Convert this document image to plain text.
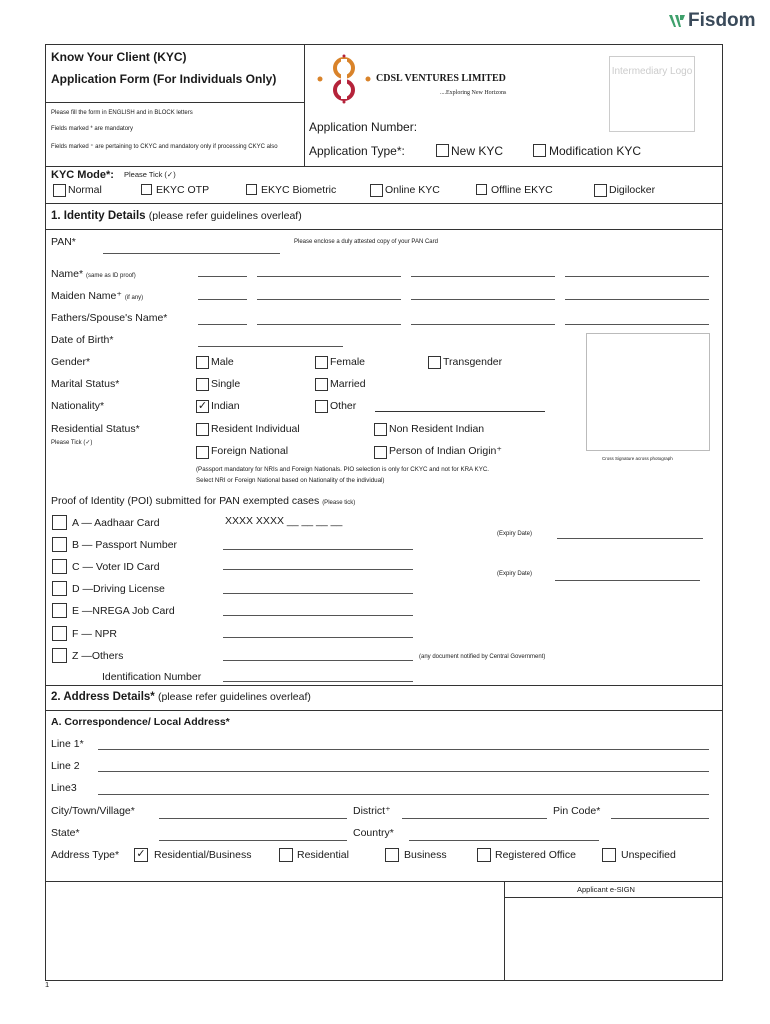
Fisdom
Know Your Client (KYC)
Application Form (For Individuals Only)
Please fill the form in ENGLISH and in BLOCK letters
Fields marked * are mandatory
Fields marked ⁺ are pertaining to CKYC and mandatory only if processing CKYC also
CDSL VENTURES LIMITED
....Exploring New Horizons
Intermediary Logo
Application Number:
Application Type*:	New KYC	Modification KYC
KYC Mode*: Please Tick (✓)
Normal	EKYC OTP	EKYC Biometric	Online KYC	Offline EKYC	Digilocker
1. Identity Details (please refer guidelines overleaf)
PAN*	Please enclose a duly attested copy of your PAN Card
Name* (same as ID proof)
Maiden Name⁺ (if any)
Fathers/Spouse's Name*
Date of Birth*
Cross Signature across photograph
Gender*	Male	Female	Transgender
Marital Status*	Single	Married
Nationality*	✓ Indian	Other
Residential Status*
Please Tick (✓)
Resident Individual	Non Resident Indian
Foreign National	Person of Indian Origin⁺
(Passport mandatory for NRIs and Foreign Nationals. PIO selection is only for CKYC and not for KRA KYC.
Select NRI or Foreign National based on Nationality of the individual)
Proof of Identity (POI) submitted for PAN exempted cases (Please tick)
A — Aadhaar Card	XXXX XXXX __ __ __ __
B — Passport Number
(Expiry Date)
C — Voter ID Card
D —Driving License
(Expiry Date)
E —NREGA Job Card
F — NPR
Z —Others	(any document notified by Central Government)
Identification Number
2. Address Details* (please refer guidelines overleaf)
A. Correspondence/ Local Address*
Line 1*
Line 2
Line3
City/Town/Village*	District⁺	Pin Code*
State*	Country*
Address Type* ✓ Residential/Business	Residential	Business	Registered Office	Unspecified
Applicant e-SIGN
1
